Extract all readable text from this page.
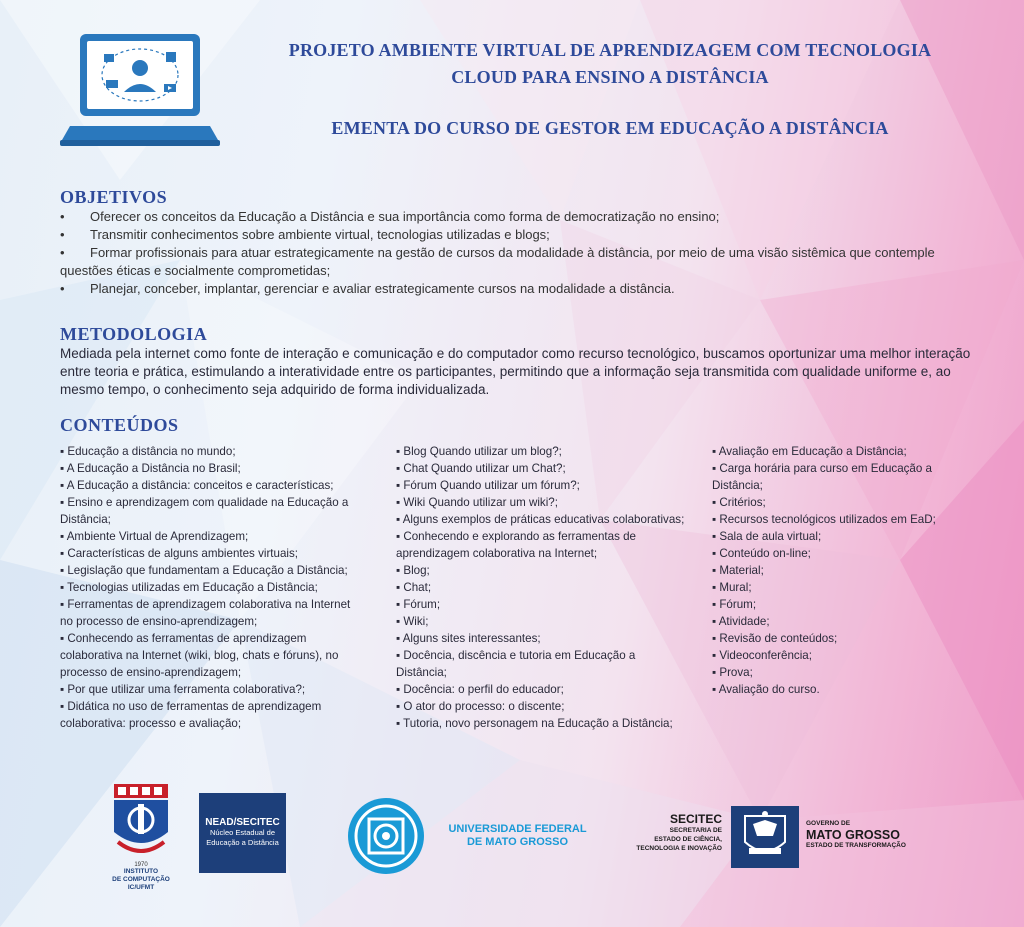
PROJETO AMBIENTE VIRTUAL DE APRENDIZAGEM COM TECNOLOGIA
CLOUD PARA ENSINO A DISTÂNCIA
EMENTA DO CURSO DE GESTOR EM EDUCAÇÃO A DISTÂNCIA
OBJETIVOS
• Oferecer os conceitos da Educação a Distância e sua importância como forma de democratização no ensino;
• Transmitir conhecimentos sobre ambiente virtual, tecnologias utilizadas e blogs;
• Formar profissionais para atuar estrategicamente na gestão de cursos da modalidade à distância, por meio de uma visão sistêmica que contemple questões éticas e socialmente comprometidas;
• Planejar, conceber, implantar, gerenciar e avaliar estrategicamente cursos na modalidade a distância.
METODOLOGIA
Mediada pela internet como fonte de interação e comunicação e do computador como recurso tecnológico, buscamos oportunizar uma melhor interação entre teoria e prática, estimulando a interatividade entre os participantes, permitindo que a informação seja transmitida com qualidade uniforme e, ao mesmo tempo, o conhecimento seja adquirido de forma individualizada.
CONTEÚDOS
▪ Educação a distância no mundo;
▪ A Educação a Distância no Brasil;
▪ A Educação a distância: conceitos e características;
▪ Ensino e aprendizagem com qualidade na Educação a Distância;
▪ Ambiente Virtual de Aprendizagem;
▪ Características de alguns ambientes virtuais;
▪ Legislação que fundamentam a Educação a Distância;
▪ Tecnologias utilizadas em Educação a Distância;
▪ Ferramentas de aprendizagem colaborativa na Internet no processo de ensino-aprendizagem;
▪ Conhecendo as ferramentas de aprendizagem colaborativa na Internet (wiki, blog, chats e fóruns), no processo de ensino-aprendizagem;
▪ Por que utilizar uma ferramenta colaborativa?;
▪ Didática no uso de ferramentas de aprendizagem colaborativa: processo e avaliação;
▪ Blog Quando utilizar um blog?;
▪ Chat Quando utilizar um Chat?;
▪ Fórum Quando utilizar um fórum?;
▪ Wiki Quando utilizar um wiki?;
▪ Alguns exemplos de práticas educativas colaborativas;
▪ Conhecendo e explorando as ferramentas de aprendizagem colaborativa na Internet;
▪ Blog;
▪ Chat;
▪ Fórum;
▪ Wiki;
▪ Alguns sites interessantes;
▪ Docência, discência e tutoria em Educação a Distância;
▪ Docência: o perfil do educador;
▪ O ator do processo: o discente;
▪ Tutoria, novo personagem na Educação a Distância;
▪ Avaliação em Educação a Distância;
▪ Carga horária para curso em Educação a Distância;
▪ Critérios;
▪ Recursos tecnológicos utilizados em EaD;
▪ Sala de aula virtual;
▪ Conteúdo on-line;
▪ Material;
▪ Mural;
▪ Fórum;
▪ Atividade;
▪ Revisão de conteúdos;
▪ Videoconferência;
▪ Prova;
▪ Avaliação do curso.
1970
INSTITUTO
DE COMPUTAÇÃO
IC/UFMT
NEAD/SECITEC
Núcleo Estadual de
Educação a Distância
UNIVERSIDADE FEDERAL
DE MATO GROSSO
SECITEC
SECRETARIA DE
ESTADO DE CIÊNCIA,
TECNOLOGIA E INOVAÇÃO
GOVERNO DE
MATO GROSSO
ESTADO DE TRANSFORMAÇÃO
